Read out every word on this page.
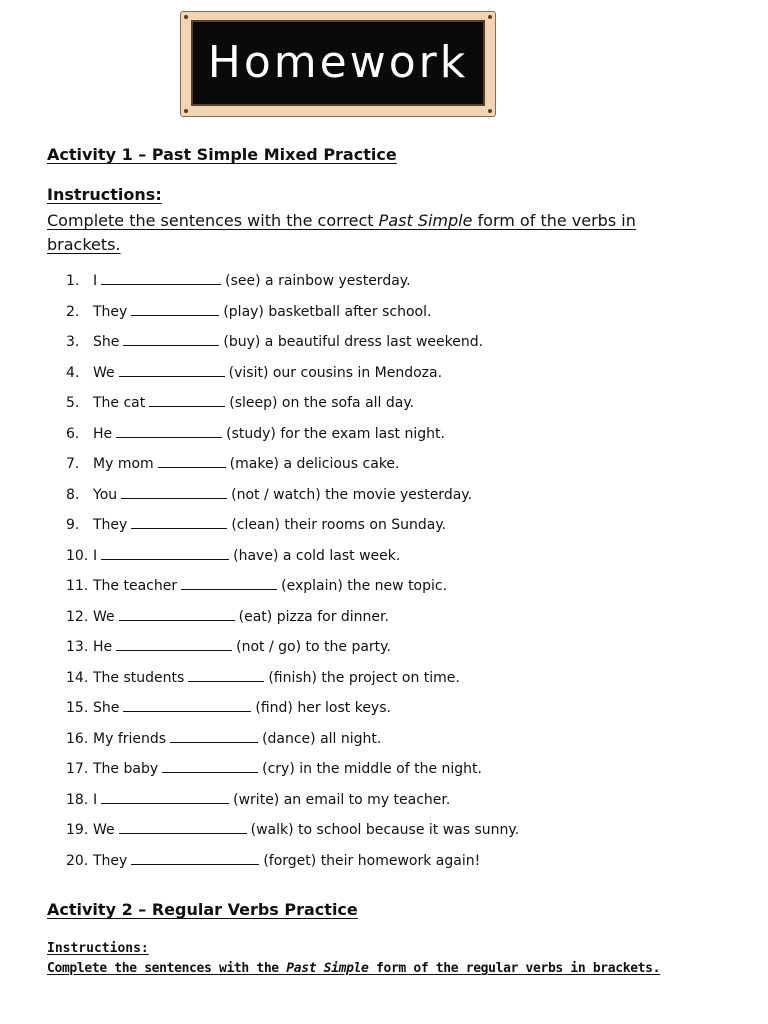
Homework
Activity 1 – Past Simple Mixed Practice
Instructions:
Complete the sentences with the correct Past Simple form of the verbs in brackets.
1. I	(see) a rainbow yesterday.
2. They	(play) basketball after school.
3. She	(buy) a beautiful dress last weekend.
4. We	(visit) our cousins in Mendoza.
5. The cat	(sleep) on the sofa all day.
6. He	(study) for the exam last night.
7. My mom	(make) a delicious cake.
8. You	(not / watch) the movie yesterday.
9. They	(clean) their rooms on Sunday.
10. I	(have) a cold last week.
11. The teacher	(explain) the new topic.
12. We	(eat) pizza for dinner.
13. He	(not / go) to the party.
14. The students	(finish) the project on time.
15. She	(find) her lost keys.
16. My friends	(dance) all night.
17. The baby	(cry) in the middle of the night.
18. I	(write) an email to my teacher.
19. We	(walk) to school because it was sunny.
20. They	(forget) their homework again!
Activity 2 – Regular Verbs Practice
Instructions:
Complete the sentences with the Past Simple form of the regular verbs in brackets.
